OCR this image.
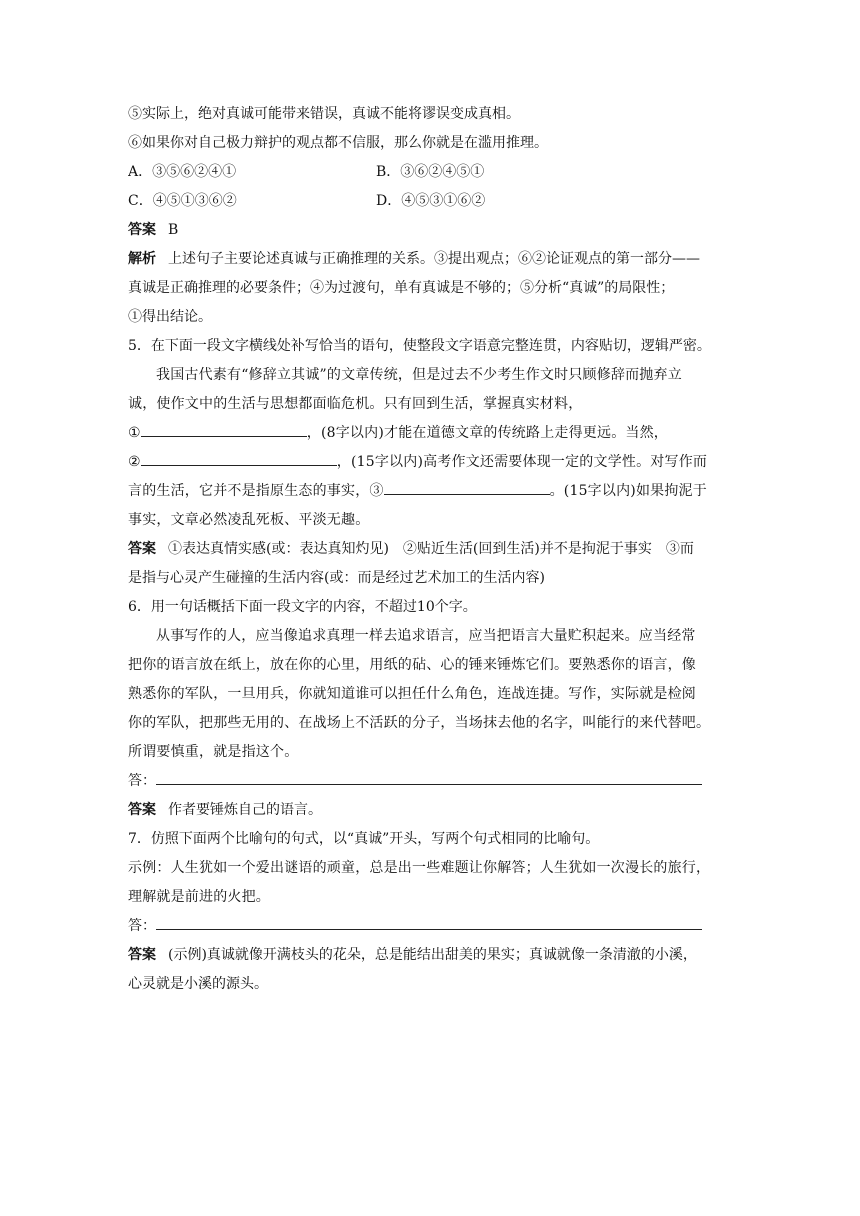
⑤实际上，绝对真诚可能带来错误，真诚不能将谬误变成真相。
⑥如果你对自己极力辩护的观点都不信服，那么你就是在滥用推理。
A．③⑤⑥②④①	B．③⑥②④⑤①
C．④⑤①③⑥②	D．④⑤③①⑥②
答案 B
解析 上述句子主要论述真诚与正确推理的关系。③提出观点；⑥②论证观点的第一部分——
真诚是正确推理的必要条件；④为过渡句，单有真诚是不够的；⑤分析“真诚”的局限性；
①得出结论。
5．在下面一段文字横线处补写恰当的语句，使整段文字语意完整连贯，内容贴切，逻辑严密。
我国古代素有“修辞立其诚”的文章传统，但是过去不少考生作文时只顾修辞而抛弃立
诚，使作文中的生活与思想都面临危机。只有回到生活，掌握真实材料，
①	，(8字以内)才能在道德文章的传统路上走得更远。当然，
②	，(15字以内)高考作文还需要体现一定的文学性。对写作而
言的生活，它并不是指原生态的事实，③	。(15字以内)如果拘泥于
事实，文章必然凌乱死板、平淡无趣。
答案 ①表达真情实感(或：表达真知灼见)　②贴近生活(回到生活)并不是拘泥于事实　③而
是指与心灵产生碰撞的生活内容(或：而是经过艺术加工的生活内容)
6．用一句话概括下面一段文字的内容，不超过10个字。
从事写作的人，应当像追求真理一样去追求语言，应当把语言大量贮积起来。应当经常
把你的语言放在纸上，放在你的心里，用纸的砧、心的锤来锤炼它们。要熟悉你的语言，像
熟悉你的军队，一旦用兵，你就知道谁可以担任什么角色，连战连捷。写作，实际就是检阅
你的军队，把那些无用的、在战场上不活跃的分子，当场抹去他的名字，叫能行的来代替吧。
所谓要慎重，就是指这个。
答：
答案 作者要锤炼自己的语言。
7．仿照下面两个比喻句的句式，以“真诚”开头，写两个句式相同的比喻句。
示例：人生犹如一个爱出谜语的顽童，总是出一些难题让你解答；人生犹如一次漫长的旅行，
理解就是前进的火把。
答：
答案 (示例)真诚就像开满枝头的花朵，总是能结出甜美的果实；真诚就像一条清澈的小溪，
心灵就是小溪的源头。
